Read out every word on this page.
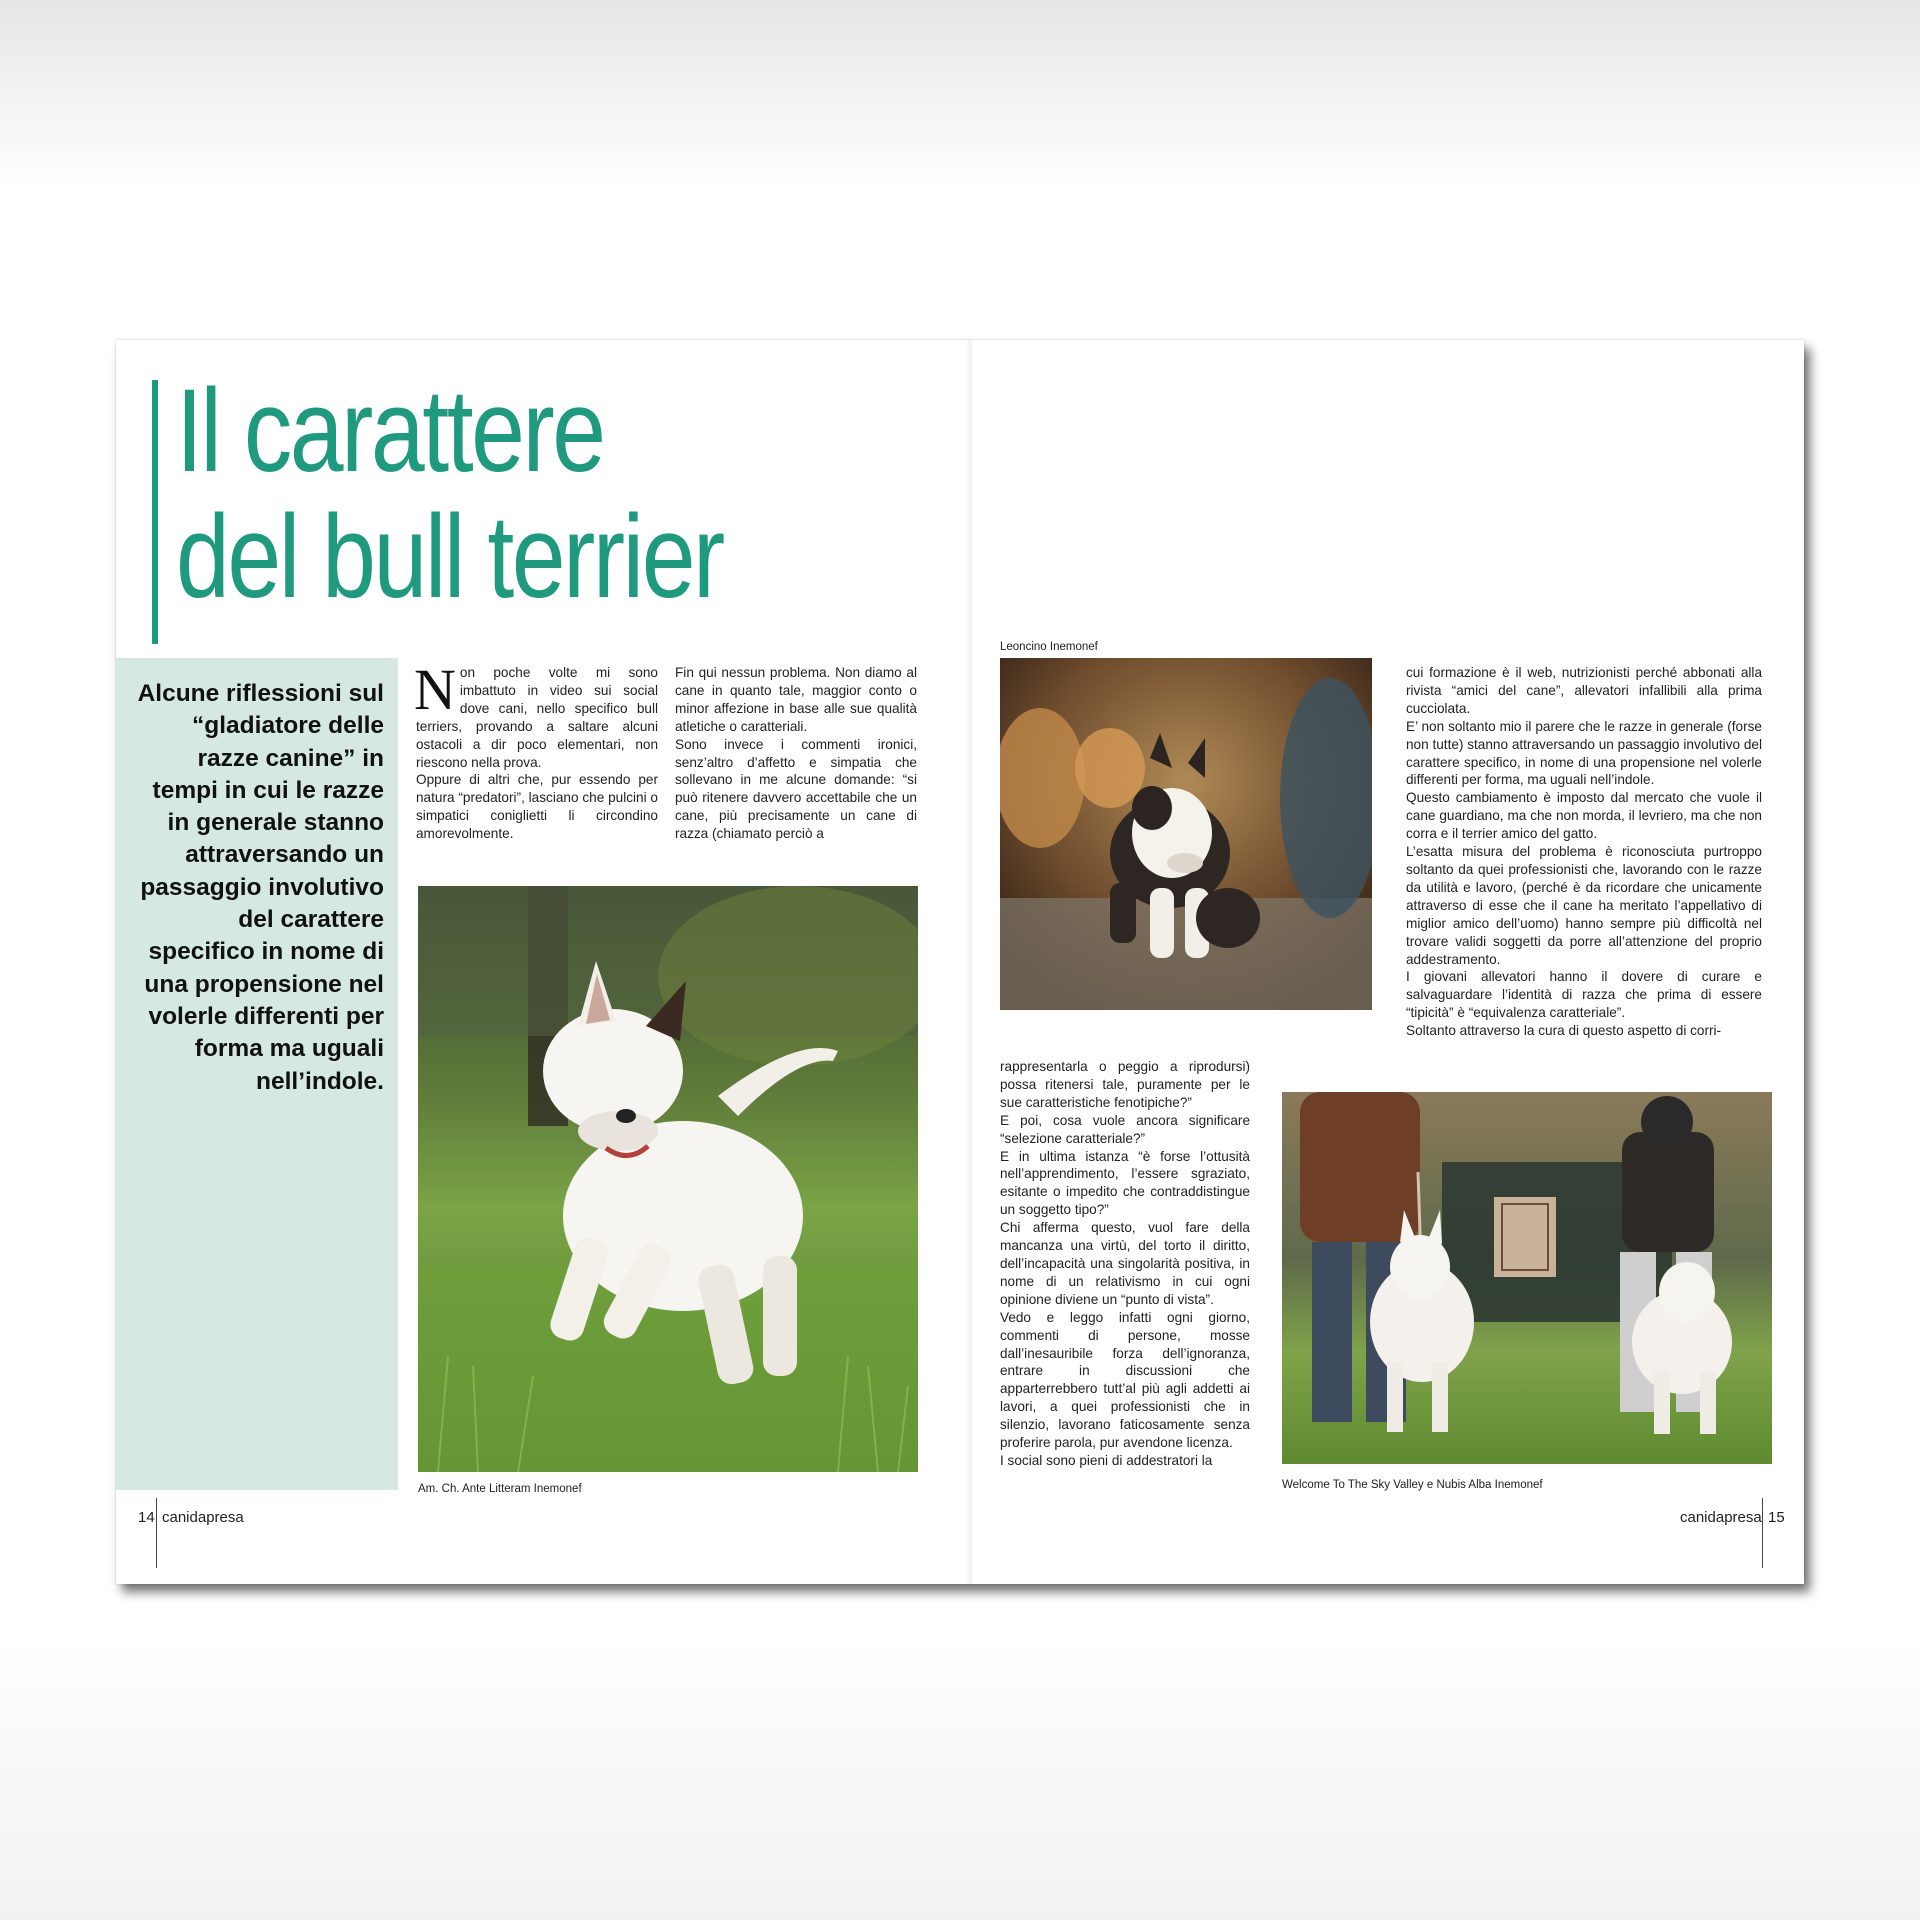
Il carattere
del bull terrier

Alcune riflessioni sul “gladiatore delle razze canine” in tempi in cui le razze in generale stanno attraversando un passaggio involutivo del carattere specifico in nome di una propensione nel volerle differenti per forma ma uguali nell’indole.

Non poche volte mi sono imbattuto in video sui social dove cani, nello specifico bull terriers, provando a saltare alcuni ostacoli a dir poco elementari, non riescono nella prova.

Oppure di altri che, pur essendo per natura “predatori”, lasciano che pulcini o simpatici coniglietti li circondino amorevolmente.

Fin qui nessun problema. Non diamo al cane in quanto tale, maggior conto o minor affezione in base alle sue qualità atletiche o caratteriali.

Sono invece i commenti ironici, senz’altro d’affetto e simpatia che sollevano in me alcune domande: “si può ritenere davvero accettabile che un cane, più precisamente un cane di razza (chiamato perciò a

Am. Ch. Ante Litteram Inemonef

Leoncino Inemonef

rappresentarla o peggio a riprodursi) possa ritenersi tale, puramente per le sue caratteristiche fenotipiche?”

E poi, cosa vuole ancora significare “selezione caratteriale?”

E in ultima istanza “è forse l’ottusità nell’apprendimento, l’essere sgraziato, esitante o impedito che contraddistingue un soggetto tipo?”

Chi afferma questo, vuol fare della mancanza una virtù, del torto il diritto, dell’incapacità una singolarità positiva, in nome di un relativismo in cui ogni opinione diviene un “punto di vista”.

Vedo e leggo infatti ogni giorno, commenti di persone, mosse dall’inesauribile forza dell’ignoranza, entrare in discussioni che apparterrebbero tutt’al più agli addetti ai lavori, a quei professionisti che in silenzio, lavorano faticosamente senza proferire parola, pur avendone licenza.

I social sono pieni di addestratori la

cui formazione è il web, nutrizionisti perché abbonati alla rivista “amici del cane”, allevatori infallibili alla prima cucciolata.

E’ non soltanto mio il parere che le razze in generale (forse non tutte) stanno attraversando un passaggio involutivo del carattere specifico, in nome di una propensione nel volerle differenti per forma, ma uguali nell’indole.

Questo cambiamento è imposto dal mercato che vuole il cane guardiano, ma che non morda, il levriero, ma che non corra e il terrier amico del gatto.

L’esatta misura del problema è riconosciuta purtroppo soltanto da quei professionisti che, lavorando con le razze da utilità e lavoro, (perché è da ricordare che unicamente attraverso di esse che il cane ha meritato l’appellativo di miglior amico dell’uomo) hanno sempre più difficoltà nel trovare validi soggetti da porre all’attenzione del proprio addestramento.

I giovani allevatori hanno il dovere di curare e salvaguardare l’identità di razza che prima di essere “tipicità” è “equivalenza caratteriale”.

Soltanto attraverso la cura di questo aspetto di corri-

Welcome To The Sky Valley e Nubis Alba Inemonef

14 canidapresa	canidapresa 15
